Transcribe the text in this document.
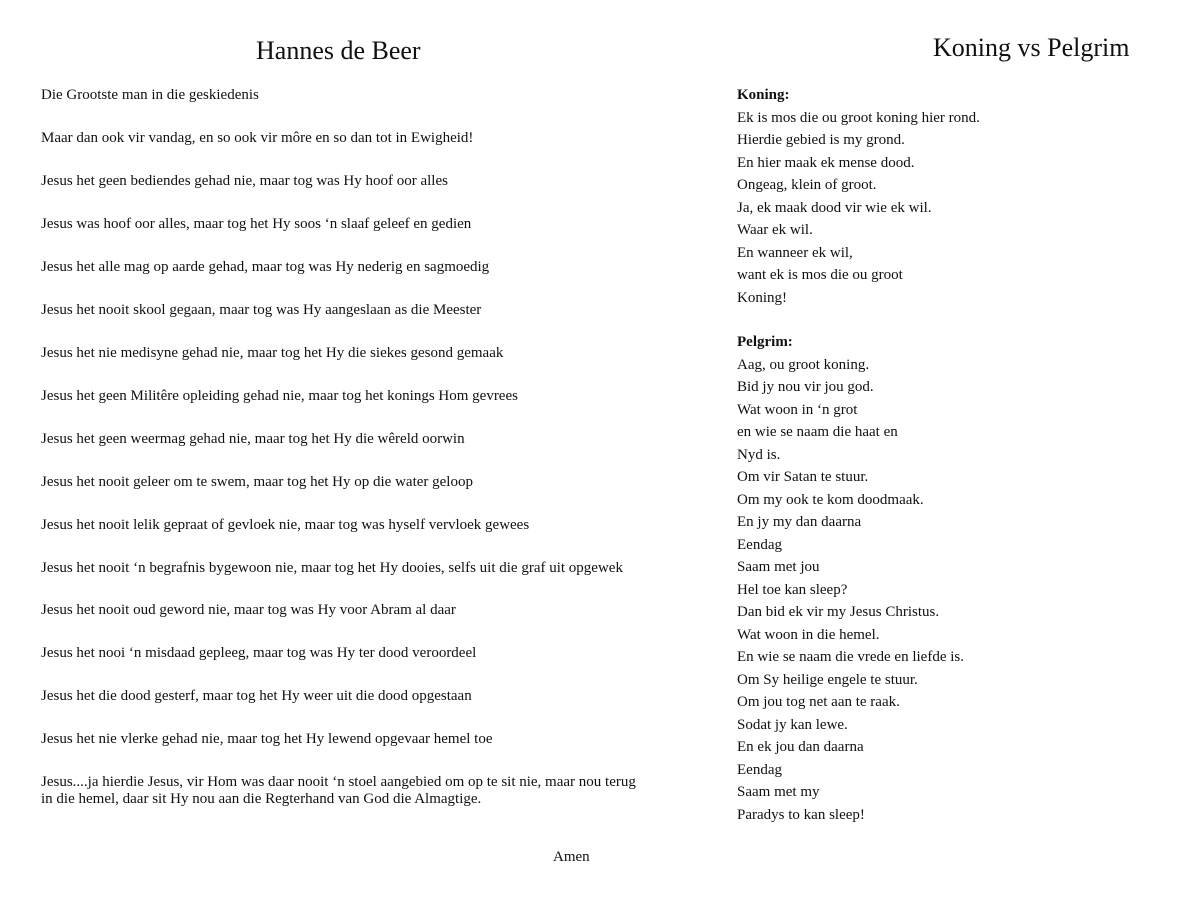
Hannes de Beer
Die Grootste man in die geskiedenis
Maar dan ook vir vandag, en so ook vir môre en so dan tot in Ewigheid!
Jesus het geen bediendes gehad nie, maar tog was Hy hoof oor alles
Jesus was hoof oor alles, maar tog het Hy soos ‘n slaaf geleef en gedien
Jesus het alle mag op aarde gehad, maar tog was Hy nederig en sagmoedig
Jesus het nooit skool gegaan, maar tog was Hy aangeslaan as die Meester
Jesus het nie medisyne gehad nie, maar tog het Hy die siekes gesond gemaak
Jesus het geen Militêre opleiding gehad nie, maar tog het konings Hom gevrees
Jesus het geen weermag gehad nie, maar tog het Hy die wêreld oorwin
Jesus het nooit geleer om te swem, maar tog het Hy op die water geloop
Jesus het nooit lelik gepraat of gevloek nie, maar tog was hyself vervloek gewees
Jesus het nooit ‘n begrafnis bygewoon nie, maar tog het Hy dooies, selfs uit die graf uit opgewek
Jesus het nooit oud geword nie, maar tog was Hy voor Abram al daar
Jesus het nooi ‘n misdaad gepleeg, maar tog was Hy ter dood veroordeel
Jesus het die dood gesterf, maar tog het Hy weer uit die dood opgestaan
Jesus het nie vlerke gehad nie, maar tog het Hy lewend opgevaar hemel toe
Jesus....ja hierdie Jesus, vir Hom was daar nooit ‘n stoel aangebied om op te sit nie, maar nou terug in die hemel, daar sit Hy nou aan die Regterhand van God die Almagtige.
Amen
Koning vs Pelgrim

Koning:

Ek is mos die ou groot koning hier rond.
Hierdie gebied is my grond.
En hier maak ek mense dood.
Ongeag, klein of groot.
Ja, ek maak dood vir wie ek wil.
Waar ek wil.
En wanneer ek wil,
want ek is mos die ou groot
Koning!

Pelgrim:

Aag, ou groot koning.
Bid jy nou vir jou god.
Wat woon in ‘n grot
en wie se naam die haat en
Nyd is.
Om vir Satan te stuur.
Om my ook te kom doodmaak.
En jy my dan daarna
Eendag
Saam met jou
Hel toe kan sleep?
Dan bid ek vir my Jesus Christus.
Wat woon in die hemel.
En wie se naam die vrede en liefde is.
Om Sy heilige engele te stuur.
Om jou tog net aan te raak.
Sodat jy kan lewe.
En ek jou dan daarna
Eendag
Saam met my
Paradys to kan sleep!
